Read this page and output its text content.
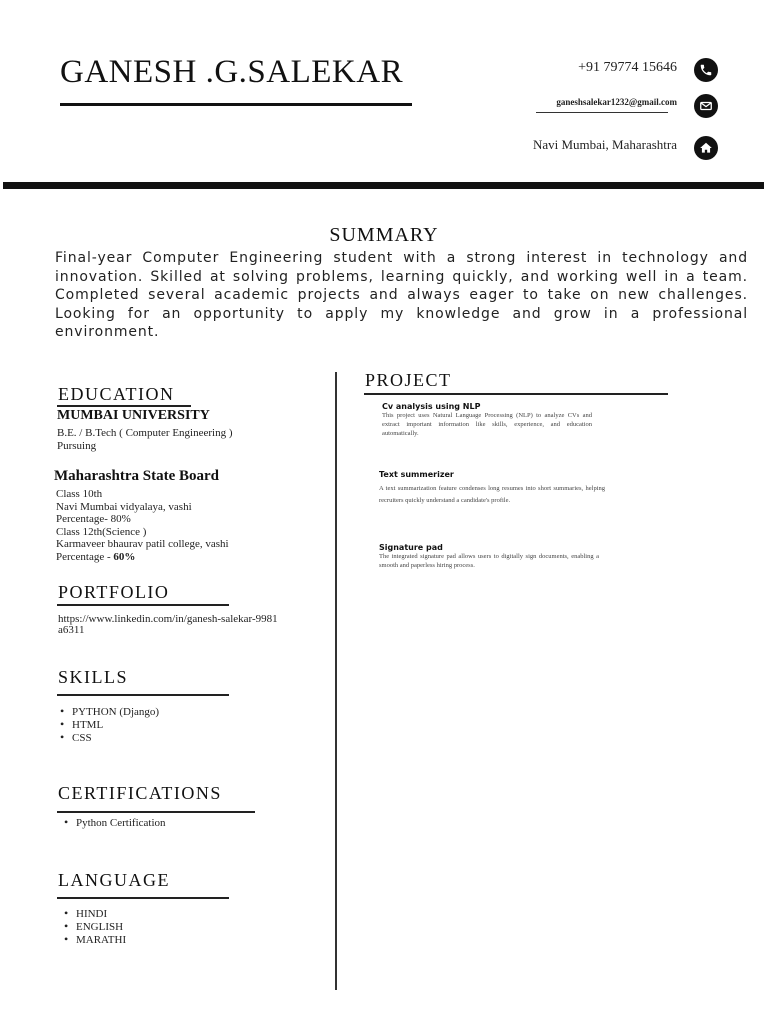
GANESH .G.SALEKAR	+91 79774 15646
ganeshsalekar1232@gmail.com
Navi Mumbai, Maharashtra
SUMMARY
Final-year Computer Engineering student with a strong interest in technology and innovation. Skilled at solving problems, learning quickly, and working well in a team. Completed several academic projects and always eager to take on new challenges. Looking for an opportunity to apply my knowledge and grow in a professional environment.
EDUCATION
MUMBAI UNIVERSITY
B.E. / B.Tech ( Computer Engineering )
Pursuing
Maharashtra State Board
Class 10th
Navi Mumbai vidyalaya, vashi
Percentage- 80%
Class 12th(Science )
Karmaveer bhaurav patil college, vashi
Percentage - 60%
PORTFOLIO
https://www.linkedin.com/in/ganesh-salekar-9981a6311
SKILLS
• PYTHON (Django)
• HTML
• CSS
CERTIFICATIONS
• Python Certification
LANGUAGE
• HINDI
• ENGLISH
• MARATHI
PROJECT
Cv analysis using NLP
This project uses Natural Language Processing (NLP) to analyze CVs and extract important information like skills, experience, and education automatically.
Text summerizer
A text summarization feature condenses long resumes into short summaries, helping recruiters quickly understand a candidate's profile.
Signature pad
The integrated signature pad allows users to digitally sign documents, enabling a smooth and paperless hiring process.
